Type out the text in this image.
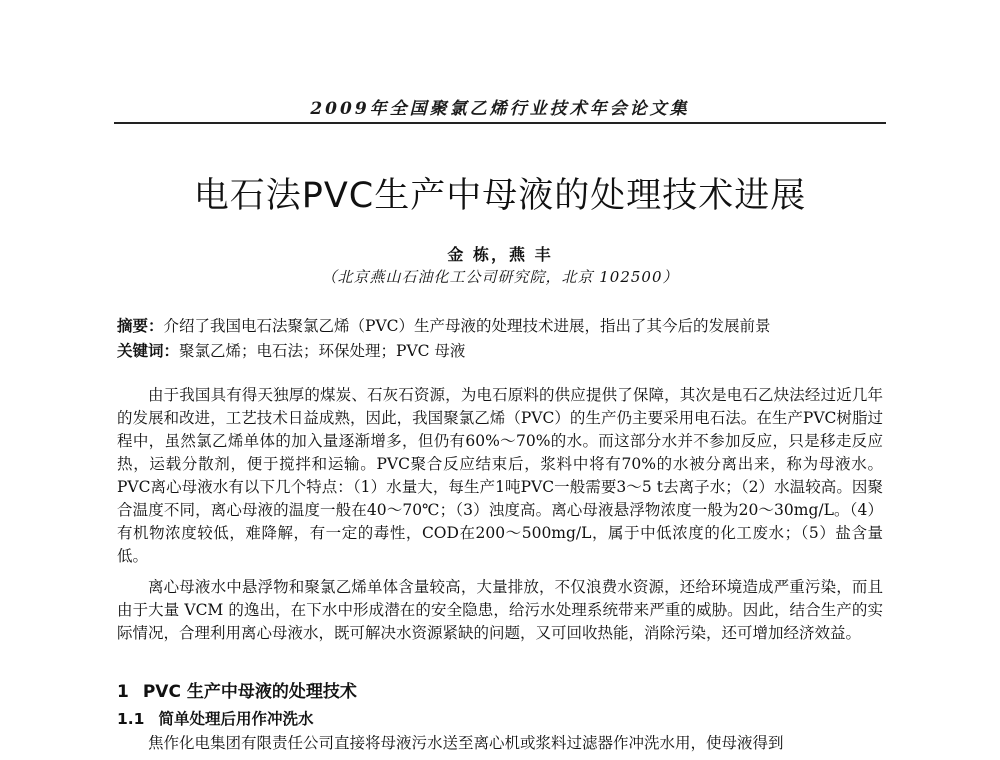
2009年全国聚氯乙烯行业技术年会论文集
电石法PVC生产中母液的处理技术进展
金 栋，燕 丰
（北京燕山石油化工公司研究院，北京 102500）
摘要：介绍了我国电石法聚氯乙烯（PVC）生产母液的处理技术进展，指出了其今后的发展前景
关键词：聚氯乙烯；电石法；环保处理；PVC 母液

由于我国具有得天独厚的煤炭、石灰石资源，为电石原料的供应提供了保障，其次是电石乙炔法经过近几年的发展和改进，工艺技术日益成熟，因此，我国聚氯乙烯（PVC）的生产仍主要采用电石法。在生产PVC树脂过程中，虽然氯乙烯单体的加入量逐渐增多，但仍有60%～70%的水。而这部分水并不参加反应，只是移走反应热，运载分散剂，便于搅拌和运输。PVC聚合反应结束后，浆料中将有70%的水被分离出来，称为母液水。PVC离心母液水有以下几个特点：（1）水量大，每生产1吨PVC一般需要3～5 t去离子水；（2）水温较高。因聚合温度不同，离心母液的温度一般在40～70℃；（3）浊度高。离心母液悬浮物浓度一般为20～30mg/L。（4）有机物浓度较低，难降解，有一定的毒性，COD在200～500mg/L，属于中低浓度的化工废水；（5）盐含量低。

离心母液水中悬浮物和聚氯乙烯单体含量较高，大量排放，不仅浪费水资源，还给环境造成严重污染，而且由于大量 VCM 的逸出，在下水中形成潜在的安全隐患，给污水处理系统带来严重的威胁。因此，结合生产的实际情况，合理利用离心母液水，既可解决水资源紧缺的问题，又可回收热能，消除污染，还可增加经济效益。

1 PVC 生产中母液的处理技术
1.1 简单处理后用作冲洗水

焦作化电集团有限责任公司直接将母液污水送至离心机或浆料过滤器作冲洗水用，使母液得到
